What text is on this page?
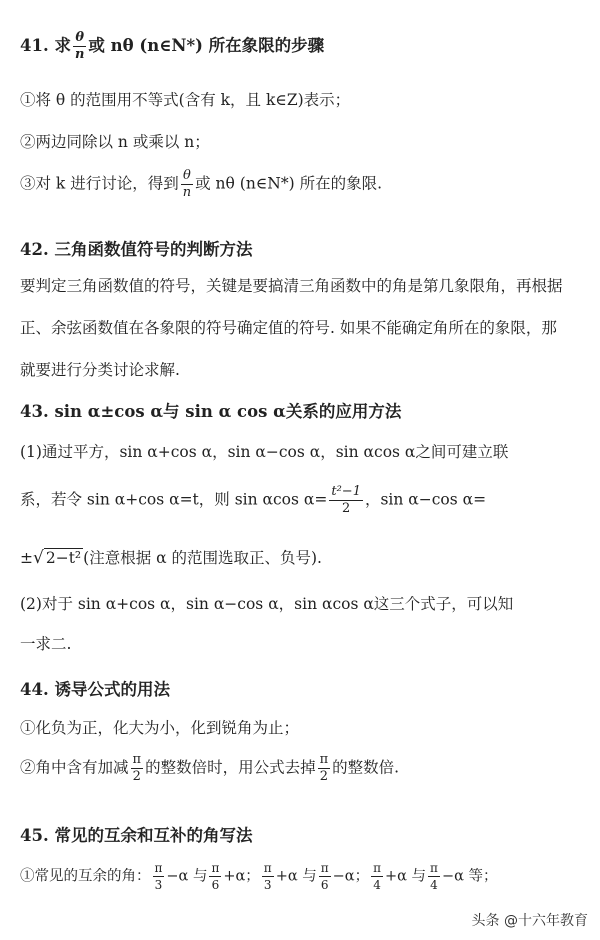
41. 求 $\frac{\theta}{n}$ 或 nθ (n∈N*) 所在象限的步骤
①将 θ 的范围用不等式(含有 k，且 k∈Z)表示；
②两边同除以 n 或乘以 n；
③对 k 进行讨论，得到 $\frac{\theta}{n}$ 或 nθ (n∈N*) 所在的象限.
42. 三角函数值符号的判断方法
要判定三角函数值的符号，关键是要搞清三角函数中的角是第几象限角，再根据
正、余弦函数值在各象限的符号确定值的符号. 如果不能确定角所在的象限，那
就要进行分类讨论求解.
43. sin α±cos α与 sin α cos α关系的应用方法
(1)通过平方，sin α+cos α，sin α−cos α，sin αcos α之间可建立联
系，若令 sin α+cos α=t，则 sin αcos $\alpha= \frac{\text{t²−1}}{2}$ ，sin α−cos α=
±√ 2−t² (注意根据 α 的范围选取正、负号).
(2)对于 sin α+cos α，sin α−cos α，sin αcos α这三个式子，可以知
一求二.
44. 诱导公式的用法
①化负为正，化大为小，化到锐角为止；
②角中含有加减 $\frac{\pi}{2}$ 的整数倍时，用公式去掉 $\frac{\pi}{2}$ 的整数倍.
45. 常见的互余和互补的角写法
①常见的互余的角： $\frac{\pi}{3} -\alpha$ 与 $\frac{\pi}{6} +\alpha$； $\frac{\pi}{3} +\alpha$ 与 $\frac{\pi}{6} -\alpha$； $\frac{\pi}{4} +\alpha$ 与 $\frac{\pi}{4} -\alpha$ 等；
头条 @十六年教育
